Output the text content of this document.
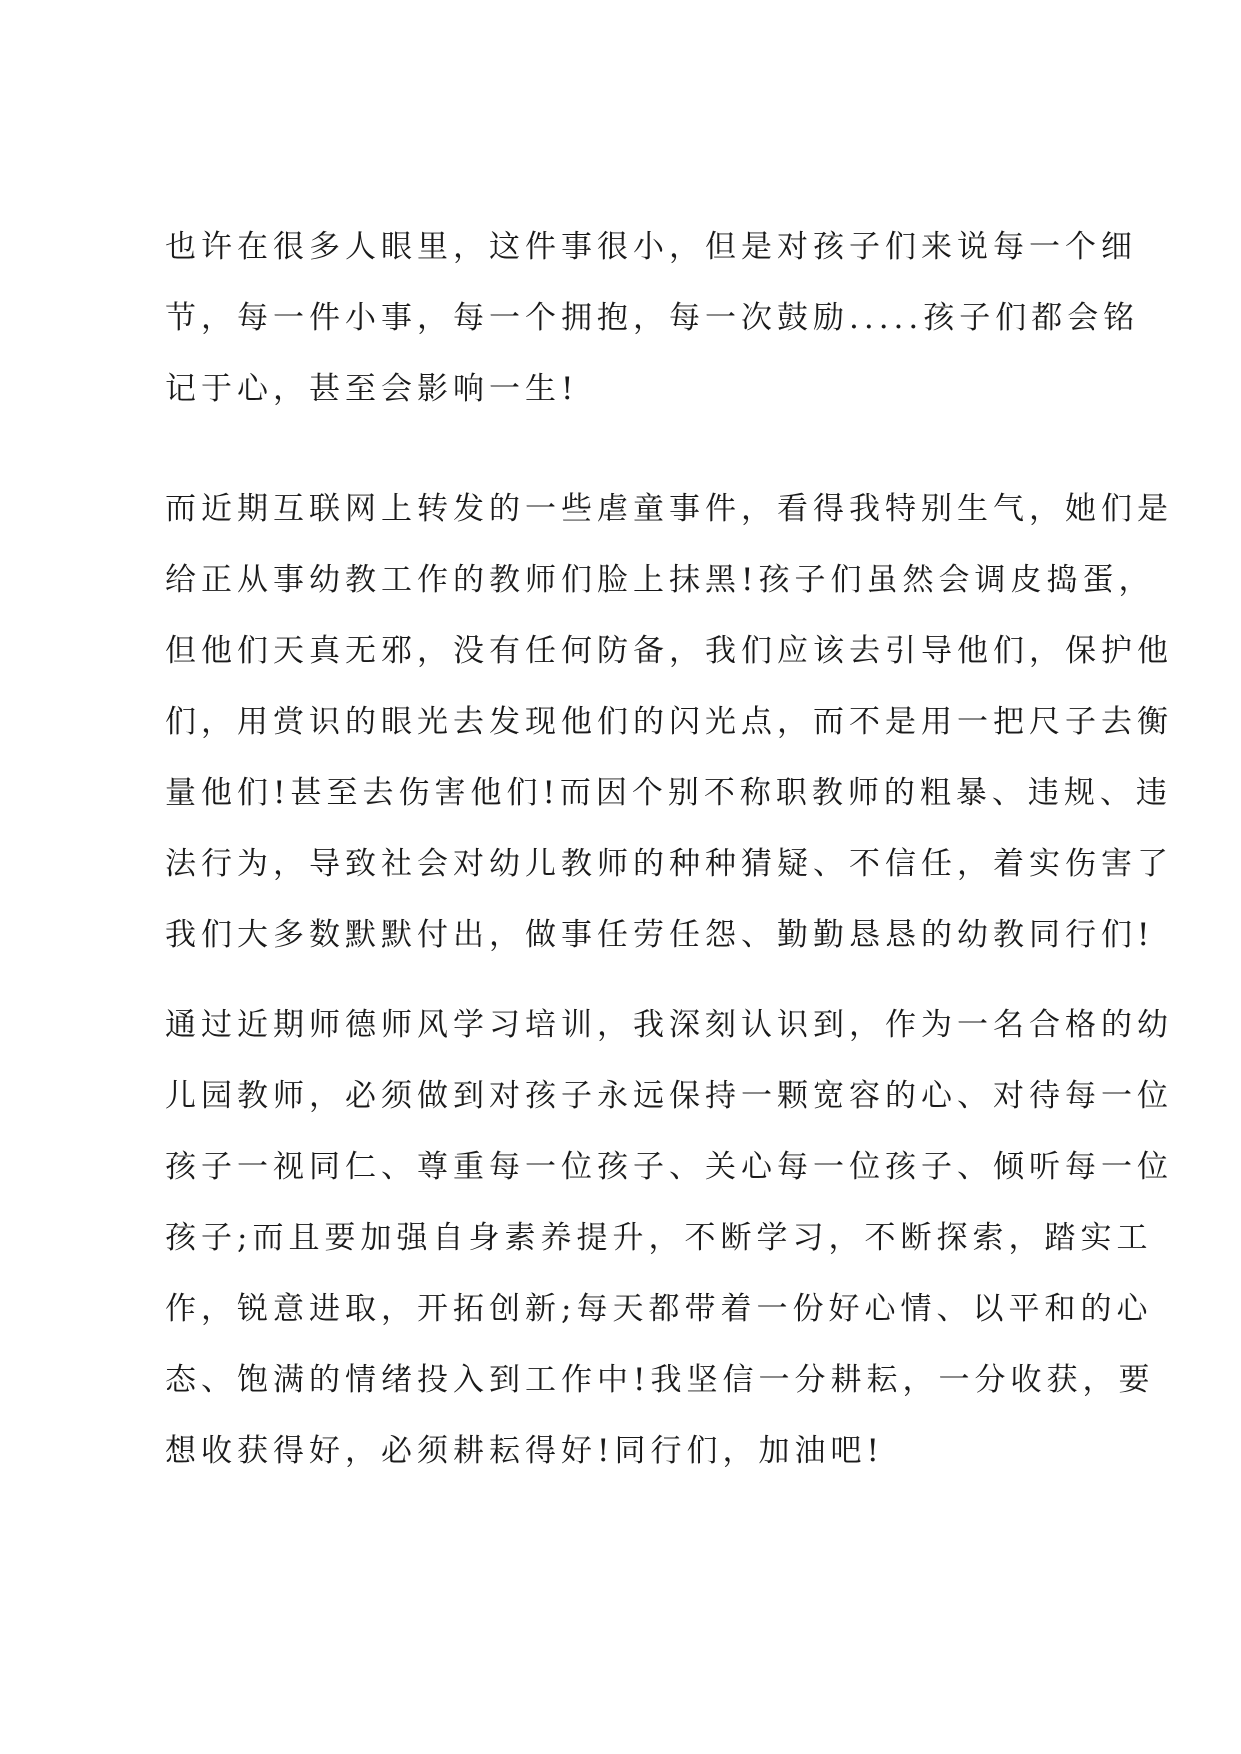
也许在很多人眼里，这件事很小，但是对孩子们来说每一个细
节，每一件小事，每一个拥抱，每一次鼓励.....孩子们都会铭
记于心，甚至会影响一生!
而近期互联网上转发的一些虐童事件，看得我特别生气，她们是
给正从事幼教工作的教师们脸上抹黑!孩子们虽然会调皮捣蛋，
但他们天真无邪，没有任何防备，我们应该去引导他们，保护他
们，用赏识的眼光去发现他们的闪光点，而不是用一把尺子去衡
量他们!甚至去伤害他们!而因个别不称职教师的粗暴、违规、违
法行为，导致社会对幼儿教师的种种猜疑、不信任，着实伤害了
我们大多数默默付出，做事任劳任怨、勤勤恳恳的幼教同行们!
通过近期师德师风学习培训，我深刻认识到，作为一名合格的幼
儿园教师，必须做到对孩子永远保持一颗宽容的心、对待每一位
孩子一视同仁、尊重每一位孩子、关心每一位孩子、倾听每一位
孩子;而且要加强自身素养提升，不断学习，不断探索，踏实工
作，锐意进取，开拓创新;每天都带着一份好心情、以平和的心
态、饱满的情绪投入到工作中!我坚信一分耕耘，一分收获，要
想收获得好，必须耕耘得好!同行们，加油吧!
